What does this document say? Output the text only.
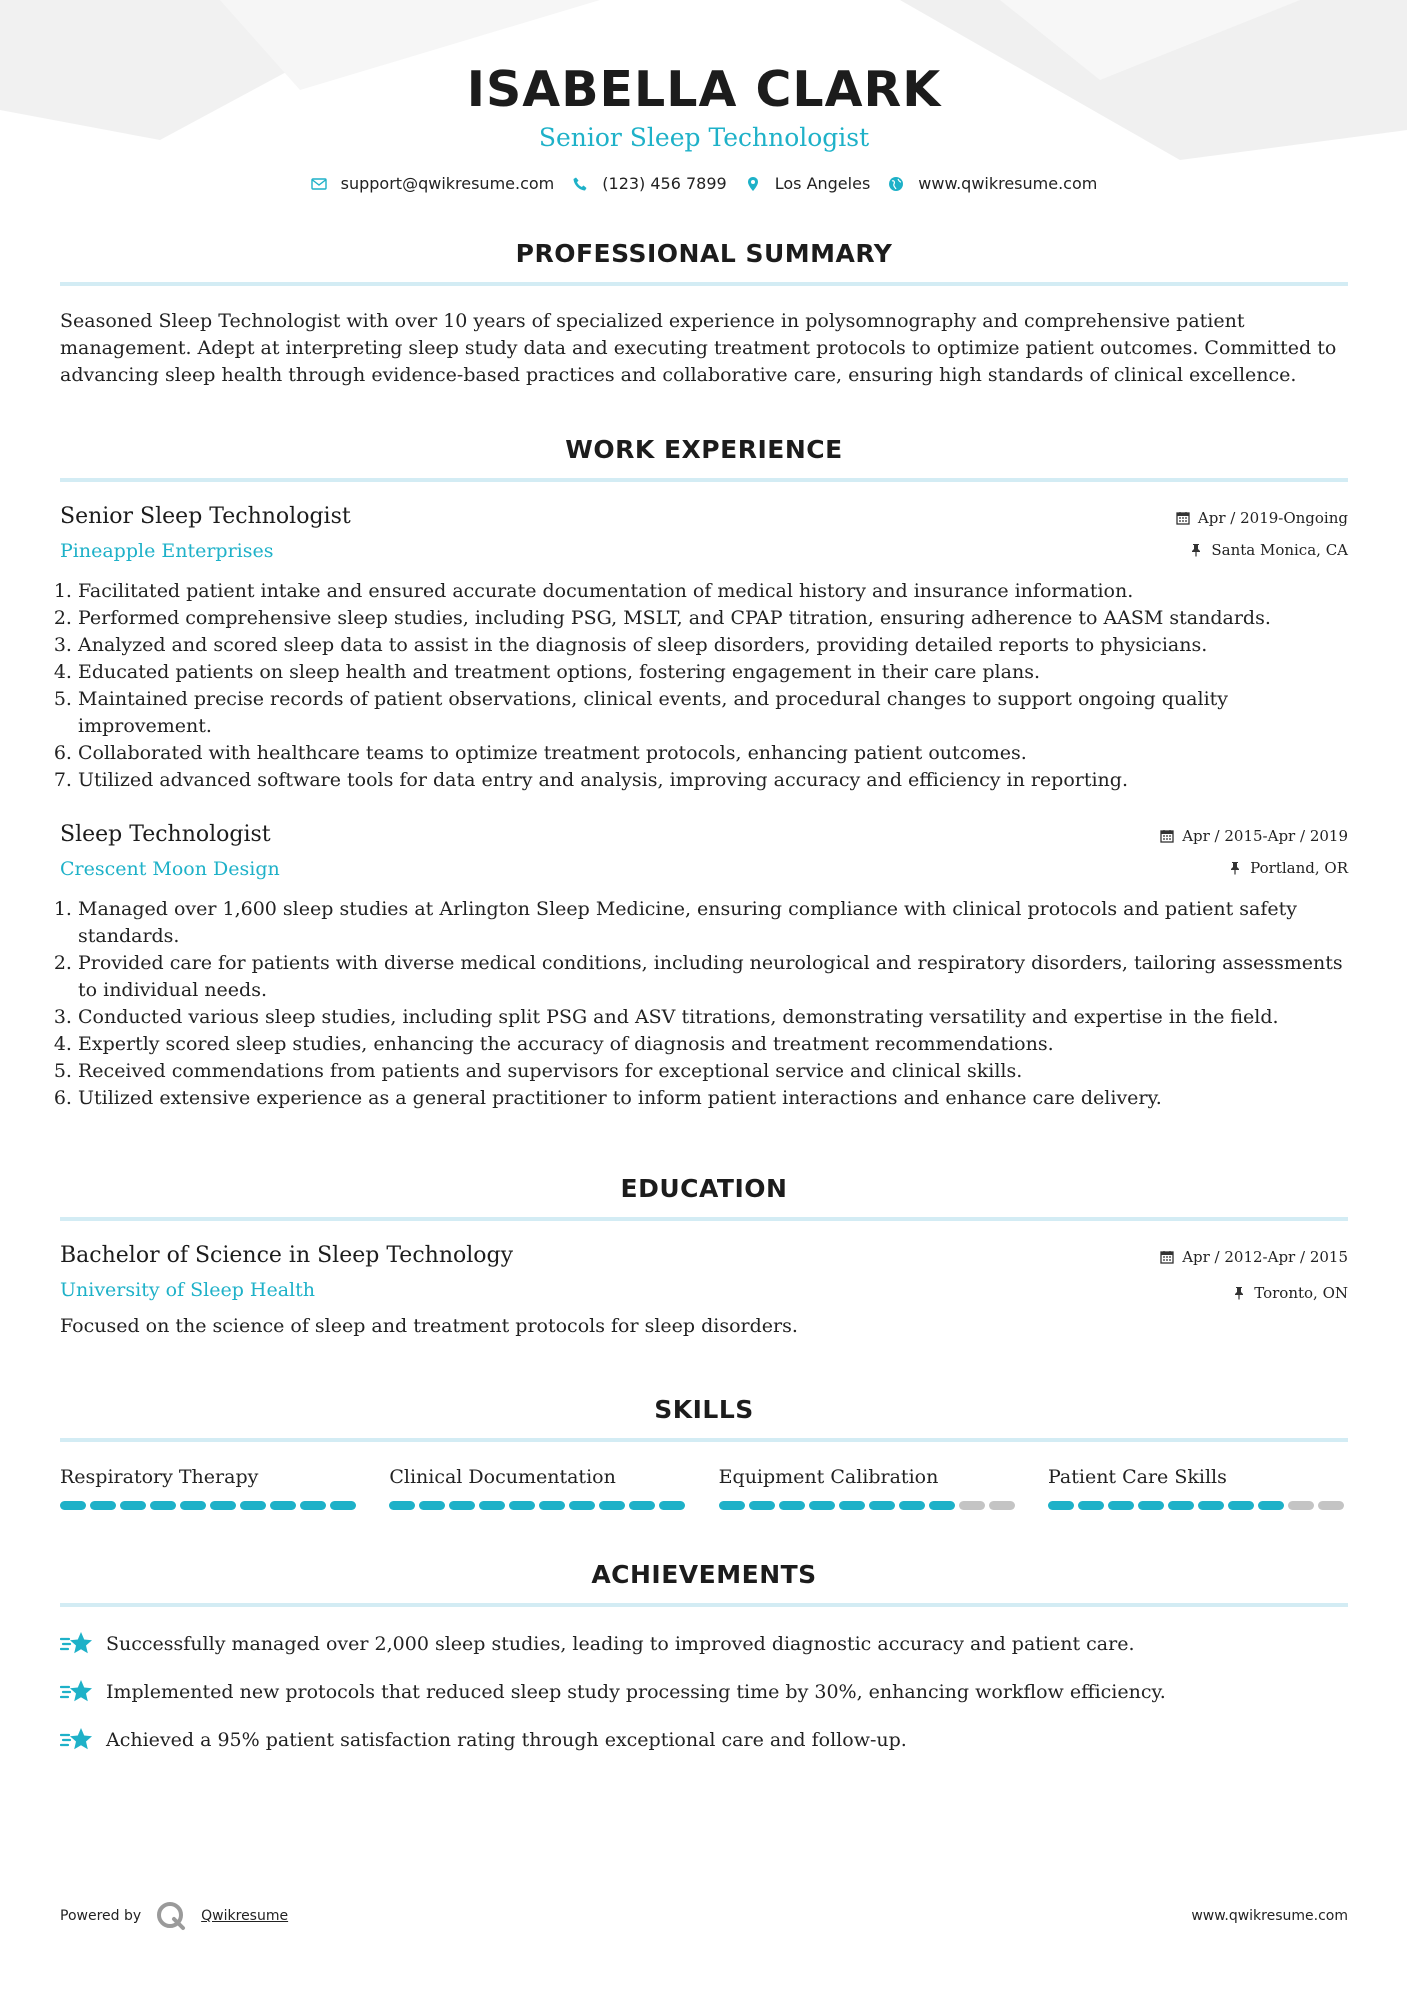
ISABELLA CLARK
Senior Sleep Technologist
support@qwikresume.com	(123) 456 7899	Los Angeles	www.qwikresume.com
PROFESSIONAL SUMMARY

Seasoned Sleep Technologist with over 10 years of specialized experience in polysomnography and comprehensive patient management. Adept at interpreting sleep study data and executing treatment protocols to optimize patient outcomes. Committed to advancing sleep health through evidence-based practices and collaborative care, ensuring high standards of clinical excellence.

WORK EXPERIENCE
Senior Sleep Technologist
Pineapple Enterprises
Apr / 2019-Ongoing
Santa Monica, CA
1. Facilitated patient intake and ensured accurate documentation of medical history and insurance information.
2. Performed comprehensive sleep studies, including PSG, MSLT, and CPAP titration, ensuring adherence to AASM standards.
3. Analyzed and scored sleep data to assist in the diagnosis of sleep disorders, providing detailed reports to physicians.
4. Educated patients on sleep health and treatment options, fostering engagement in their care plans.
5. Maintained precise records of patient observations, clinical events, and procedural changes to support ongoing quality improvement.
6. Collaborated with healthcare teams to optimize treatment protocols, enhancing patient outcomes.
7. Utilized advanced software tools for data entry and analysis, improving accuracy and efficiency in reporting.
Sleep Technologist
Crescent Moon Design
Apr / 2015-Apr / 2019
Portland, OR
1. Managed over 1,600 sleep studies at Arlington Sleep Medicine, ensuring compliance with clinical protocols and patient safety standards.
2. Provided care for patients with diverse medical conditions, including neurological and respiratory disorders, tailoring assessments to individual needs.
3. Conducted various sleep studies, including split PSG and ASV titrations, demonstrating versatility and expertise in the field.
4. Expertly scored sleep studies, enhancing the accuracy of diagnosis and treatment recommendations.
5. Received commendations from patients and supervisors for exceptional service and clinical skills.
6. Utilized extensive experience as a general practitioner to inform patient interactions and enhance care delivery.
EDUCATION
Bachelor of Science in Sleep Technology
University of Sleep Health
Apr / 2012-Apr / 2015
Toronto, ON

Focused on the science of sleep and treatment protocols for sleep disorders.

SKILLS
Respiratory Therapy	Clinical Documentation	Equipment Calibration	Patient Care Skills
ACHIEVEMENTS
Successfully managed over 2,000 sleep studies, leading to improved diagnostic accuracy and patient care.
Implemented new protocols that reduced sleep study processing time by 30%, enhancing workflow efficiency.
Achieved a 95% patient satisfaction rating through exceptional care and follow-up.
Powered by	Qwikresume	www.qwikresume.com
